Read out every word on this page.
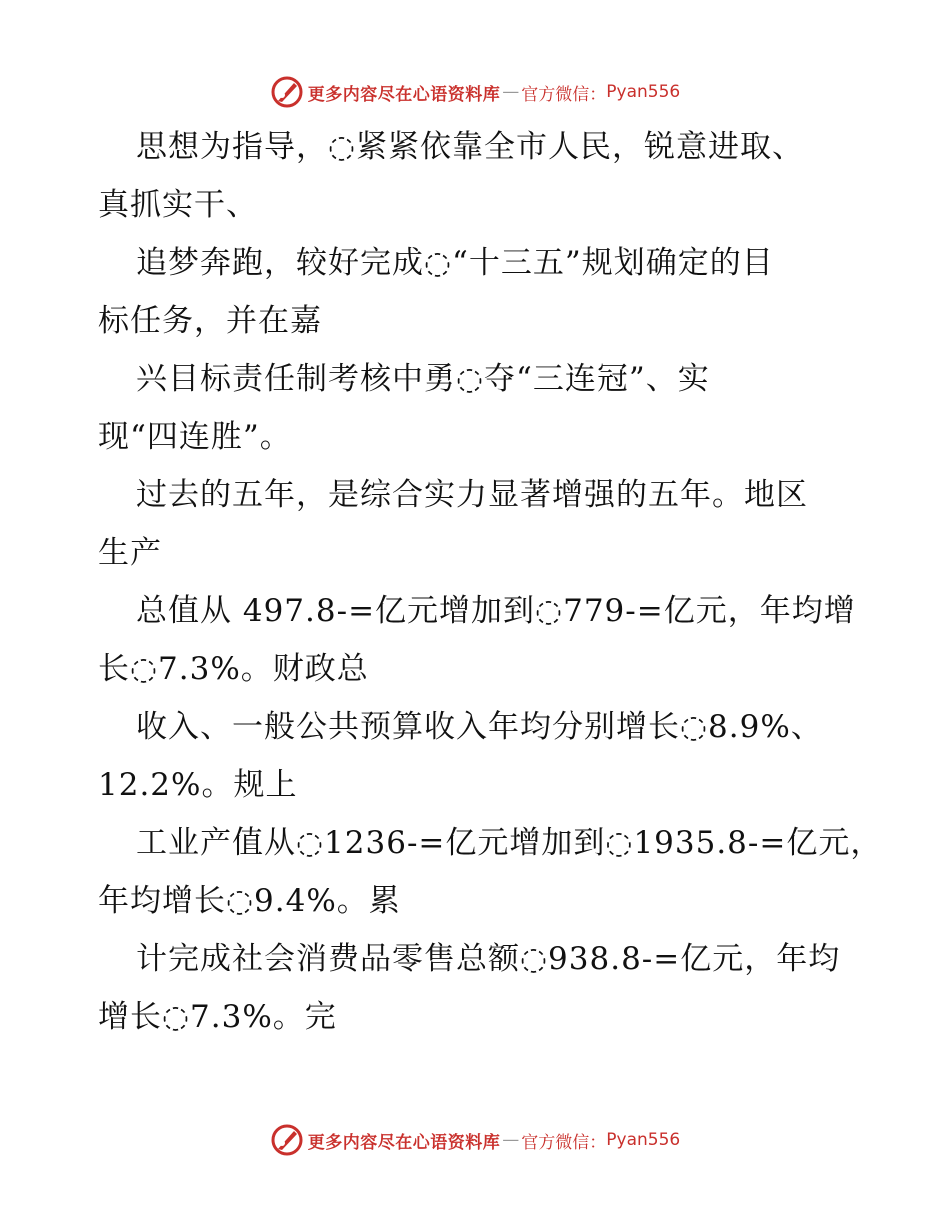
更多内容尽在心语资料库 — 官方微信： Pyan556
思想为指导，◌紧紧依靠全市人民，锐意进取、
真抓实干、
追梦奔跑，较好完成◌“十三五”规划确定的目
标任务，并在嘉
兴目标责任制考核中勇◌夺“三连冠”、实
现“四连胜”。
过去的五年，是综合实力显著增强的五年。地区
生产
总值从 497.8‑=亿元增加到◌779‑=亿元，年均增
长◌7.3%。财政总
收入、一般公共预算收入年均分别增长◌8.9%、
12.2%。规上
工业产值从◌1236‑=亿元增加到◌1935.8‑=亿元，
年均增长◌9.4%。累
计完成社会消费品零售总额◌938.8‑=亿元，年均
增长◌7.3%。完
更多内容尽在心语资料库 — 官方微信： Pyan556
